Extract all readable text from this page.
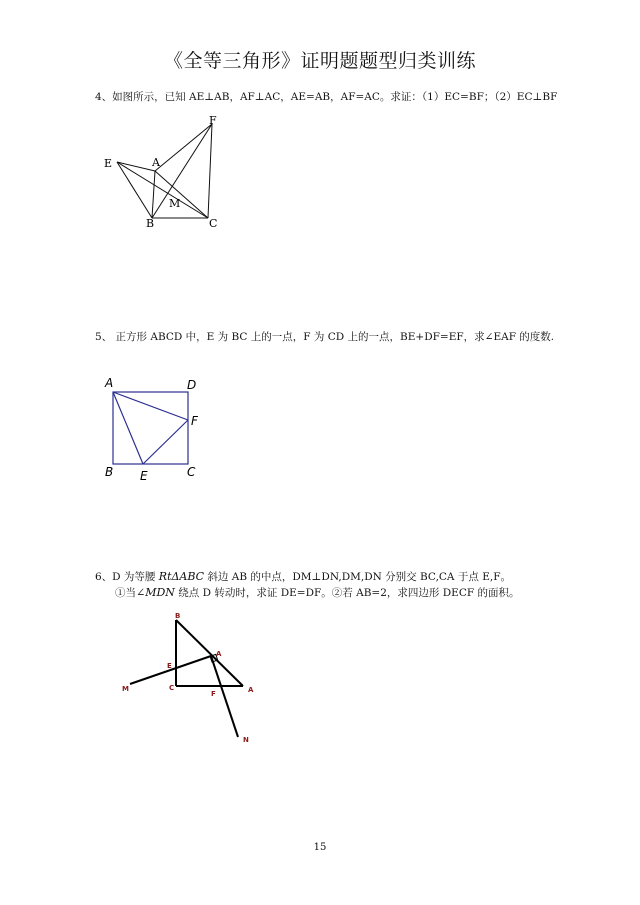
《全等三角形》证明题题型归类训练
4、如图所示，已知 AE⊥AB，AF⊥AC，AE=AB，AF=AC。求证：（1）EC=BF；（2）EC⊥BF
E	A
F
M
B	C
5、 正方形 ABCD 中，E 为 BC 上的一点，F 为 CD 上的一点，BE+DF=EF，求∠EAF 的度数.
A	D
F
B E	C
6、D 为等腰 RtΔABC 斜边 AB 的中点，DM⊥DN,DM,DN 分别交 BC,CA 于点 E,F。
①当∠MDN 绕点 D 转动时，求证 DE=DF。②若 AB=2，求四边形 DECF 的面积。
B
E
A
M	C
F	A
N
15
